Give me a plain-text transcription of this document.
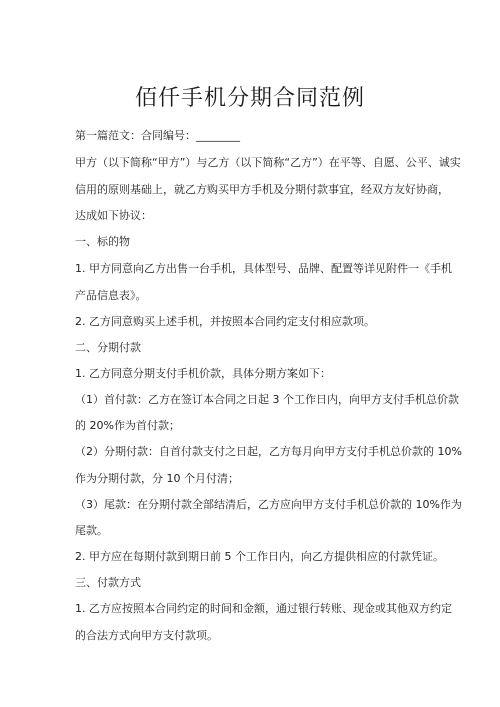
佰仟手机分期合同范例
第一篇范文：合同编号：________
甲方（以下简称“甲方”）与乙方（以下简称“乙方”）在平等、自愿、公平、诚实
信用的原则基础上，就乙方购买甲方手机及分期付款事宜，经双方友好协商，
达成如下协议：
一、标的物
1. 甲方同意向乙方出售一台手机，具体型号、品牌、配置等详见附件一《手机
产品信息表》。
2. 乙方同意购买上述手机，并按照本合同约定支付相应款项。
二、分期付款
1. 乙方同意分期支付手机价款，具体分期方案如下：
（1）首付款：乙方在签订本合同之日起 3 个工作日内，向甲方支付手机总价款
的 20%作为首付款；
（2）分期付款：自首付款支付之日起，乙方每月向甲方支付手机总价款的 10%
作为分期付款，分 10 个月付清；
（3）尾款：在分期付款全部结清后，乙方应向甲方支付手机总价款的 10%作为
尾款。
2. 甲方应在每期付款到期日前 5 个工作日内，向乙方提供相应的付款凭证。
三、付款方式
1. 乙方应按照本合同约定的时间和金额，通过银行转账、现金或其他双方约定
的合法方式向甲方支付款项。
